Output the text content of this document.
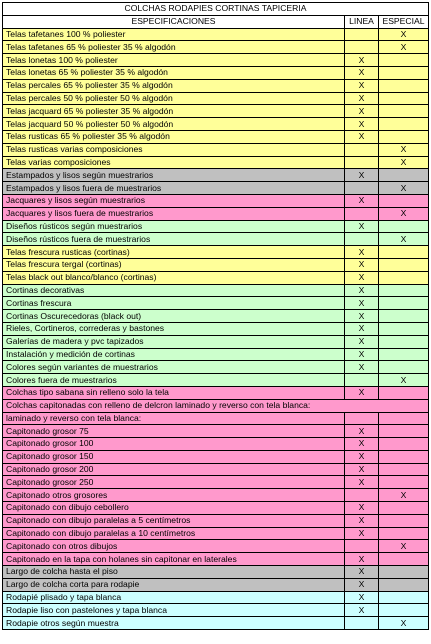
COLCHAS RODAPIES CORTINAS TAPICERIA		
ESPECIFICACIONES	LINEA	ESPECIAL
Telas tafetanes 100 % poliester		X
Telas tafetanes 65 % poliester 35 % algodón		X
Telas lonetas 100 % poliester	X	
Telas lonetas 65 % poliester 35 % algodón	X	
Telas percales 65 % poliester 35 % algodón	X	
Telas percales 50 % poliester 50 % algodón	X	
Telas jacquard 65 % poliester 35 % algodón	X	
Telas jacquard 50 % poliester 50 % algodón	X	
Telas rusticas 65 % poliester 35 % algodón	X	
Telas rusticas varias composiciones		X
Telas varias composiciones		X
Estampados y lisos según muestrarios	X	
Estampados y lisos fuera de muestrarios		X
Jacquares y lisos según muestrarios	X	
Jacquares y lisos fuera de muestrarios		X
Diseños rústicos según muestrarios	X	
Diseños rústicos fuera de muestrarios		X
Telas frescura rusticas (cortinas)	X	
Telas frescura tergal (cortinas)	X	
Telas black out blanco/blanco (cortinas)	X	
Cortinas decorativas	X	
Cortinas frescura	X	
Cortinas Oscurecedoras (black out)	X	
Rieles, Cortineros, correderas y bastones	X	
Galerías de madera y pvc tapizados	X	
Instalación y medición de cortinas	X	
Colores según variantes de muestrarios	X	
Colores fuera de muestrarios		X
Colchas tipo sabana sin relleno solo la tela	X	
Colchas capitonadas con relleno de delcron laminado y reverso con tela blanca:		
laminado y reverso con tela blanca:		
Capitonado grosor 75	X	
Capitonado grosor 100	X	
Capitonado grosor 150	X	
Capitonado grosor 200	X	
Capitonado grosor 250	X	
Capitonado otros grosores		X
Capitonado con dibujo cebollero	X	
Capitonado con dibujo paralelas a 5 centímetros	X	
Capitonado con dibujo paralelas a 10 centímetros	X	
Capitonado con otros dibujos		X
Capitonado en la tapa con holanes sin capitonar en laterales	X	
Largo de colcha hasta el piso	X	
Largo de colcha corta para rodapie	X	
Rodapié plisado y tapa blanca	X	
Rodapie liso con pastelones y tapa blanca	X	
Rodapie otros según muestra		X
